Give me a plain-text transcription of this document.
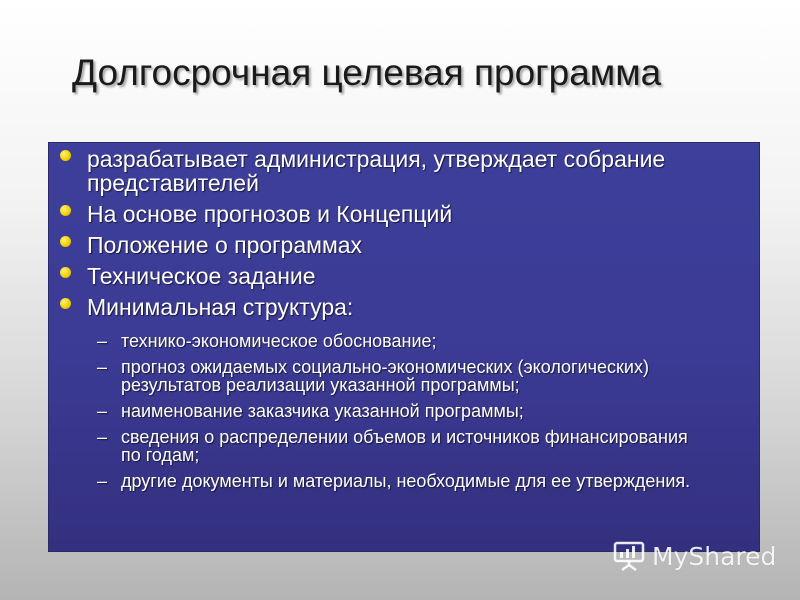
Долгосрочная целевая программа
разрабатывает администрация, утверждает собрание представителей
На основе прогнозов и Концепций
Положение о программах
Техническое задание
Минимальная структура:
– технико-экономическое обоснование;
– прогноз ожидаемых социально-экономических (экологических) результатов реализации указанной программы;
– наименование заказчика указанной программы;
– сведения о распределении объемов и источников финансирования по годам;
– другие документы и материалы, необходимые для ее утверждения.
MyShared
